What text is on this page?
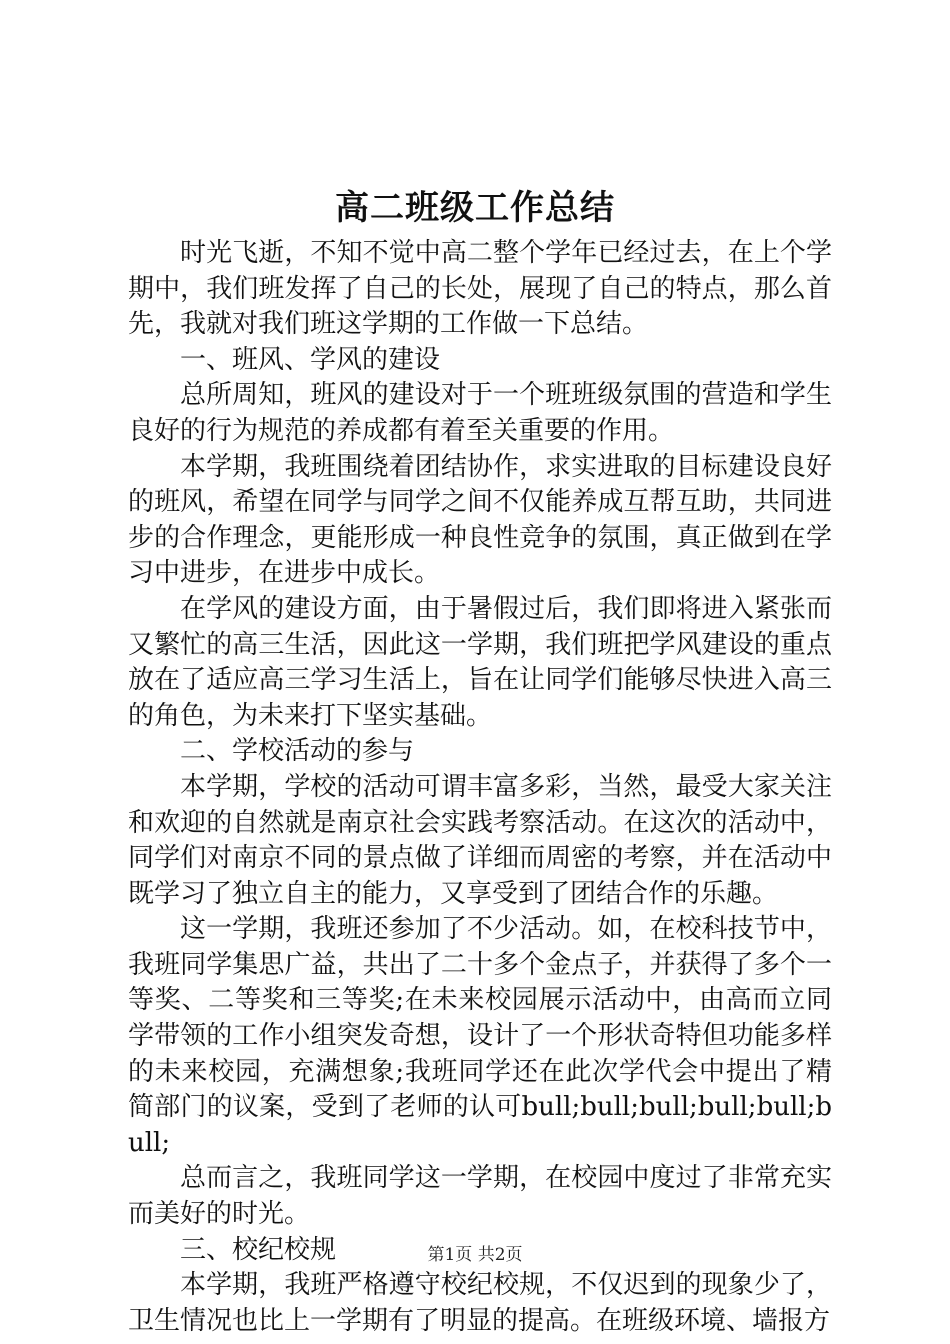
高二班级工作总结

时光飞逝，不知不觉中高二整个学年已经过去，在上个学期中，我们班发挥了自己的长处，展现了自己的特点，那么首先，我就对我们班这学期的工作做一下总结。

一、班风、学风的建设

总所周知，班风的建设对于一个班班级氛围的营造和学生良好的行为规范的养成都有着至关重要的作用。

本学期，我班围绕着团结协作，求实进取的目标建设良好的班风，希望在同学与同学之间不仅能养成互帮互助，共同进步的合作理念，更能形成一种良性竞争的氛围，真正做到在学习中进步，在进步中成长。

在学风的建设方面，由于暑假过后，我们即将进入紧张而又繁忙的高三生活，因此这一学期，我们班把学风建设的重点放在了适应高三学习生活上，旨在让同学们能够尽快进入高三的角色，为未来打下坚实基础。

二、学校活动的参与

本学期，学校的活动可谓丰富多彩，当然，最受大家关注和欢迎的自然就是南京社会实践考察活动。在这次的活动中，同学们对南京不同的景点做了详细而周密的考察，并在活动中既学习了独立自主的能力，又享受到了团结合作的乐趣。

这一学期，我班还参加了不少活动。如，在校科技节中，我班同学集思广益，共出了二十多个金点子，并获得了多个一等奖、二等奖和三等奖;在未来校园展示活动中，由高而立同学带领的工作小组突发奇想，设计了一个形状奇特但功能多样的未来校园，充满想象;我班同学还在此次学代会中提出了精简部门的议案，受到了老师的认可bull;bull;bull;bull;bull;bull;

总而言之，我班同学这一学期，在校园中度过了非常充实而美好的时光。

三、校纪校规

本学期，我班严格遵守校纪校规，不仅迟到的现象少了，卫生情况也比上一学期有了明显的提高。在班级环境、墙报方

第1页 共2页
